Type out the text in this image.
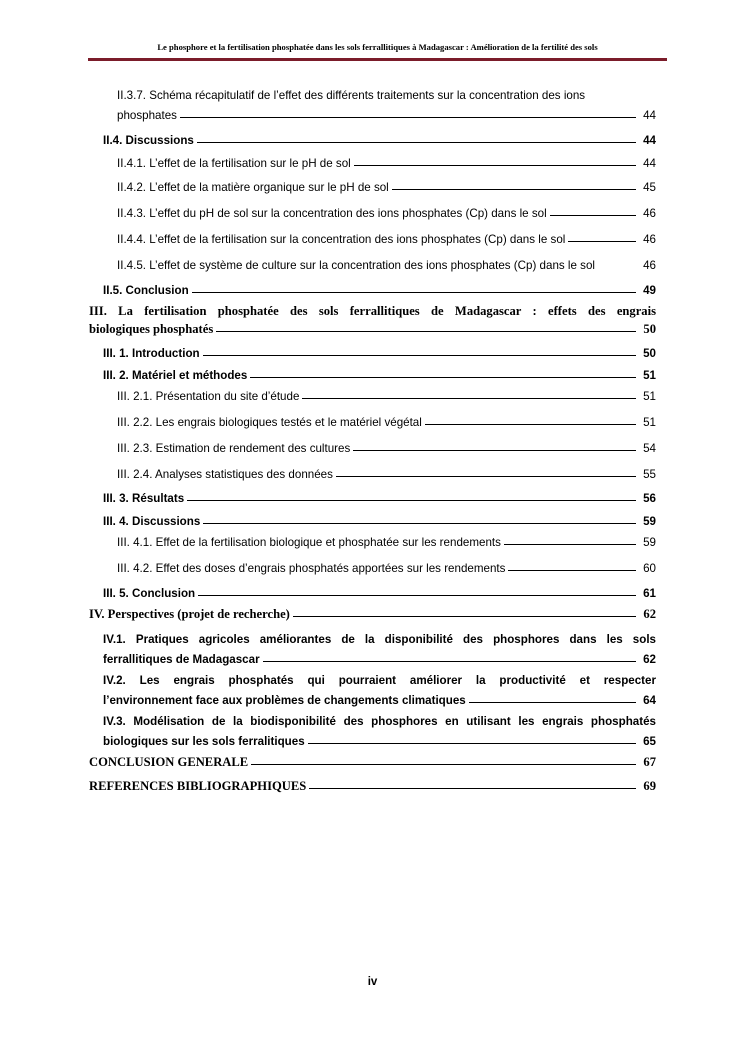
Le phosphore et la fertilisation phosphatée dans les sols ferrallitiques à Madagascar : Amélioration de la fertilité des sols
II.3.7. Schéma récapitulatif de l’effet des différents traitements sur la concentration des ions
phosphates	44
II.4. Discussions	44
II.4.1. L’effet de la fertilisation sur le pH de sol	44
II.4.2. L’effet de la matière organique sur le pH de sol	45
II.4.3. L’effet du pH de sol sur la concentration des ions phosphates (Cp) dans le sol	46
II.4.4. L’effet de la fertilisation sur la concentration des ions phosphates (Cp) dans le sol	46
II.4.5. L’effet de système de culture sur la concentration des ions phosphates (Cp) dans le sol	46
II.5. Conclusion	49
III. La fertilisation phosphatée des sols ferrallitiques de Madagascar : effets des engrais
biologiques phosphatés	50
III. 1. Introduction	50
III. 2. Matériel et méthodes	51
III. 2.1. Présentation du site d’étude	51
III. 2.2. Les engrais biologiques testés et le matériel végétal	51
III. 2.3. Estimation de rendement des cultures	54
III. 2.4. Analyses statistiques des données	55
III. 3. Résultats	56
III. 4. Discussions	59
III. 4.1. Effet de la fertilisation biologique et phosphatée sur les rendements	59
III. 4.2. Effet des doses d’engrais phosphatés apportées sur les rendements	60
III. 5. Conclusion	61
IV. Perspectives (projet de recherche)	62
IV.1. Pratiques agricoles améliorantes de la disponibilité des phosphores dans les sols
ferrallitiques de Madagascar	62
IV.2. Les engrais phosphatés qui pourraient améliorer la productivité et respecter
l’environnement face aux problèmes de changements climatiques	64
IV.3. Modélisation de la biodisponibilité des phosphores en utilisant les engrais phosphatés
biologiques sur les sols ferralitiques	65
CONCLUSION GENERALE	67
REFERENCES BIBLIOGRAPHIQUES	69
iv
